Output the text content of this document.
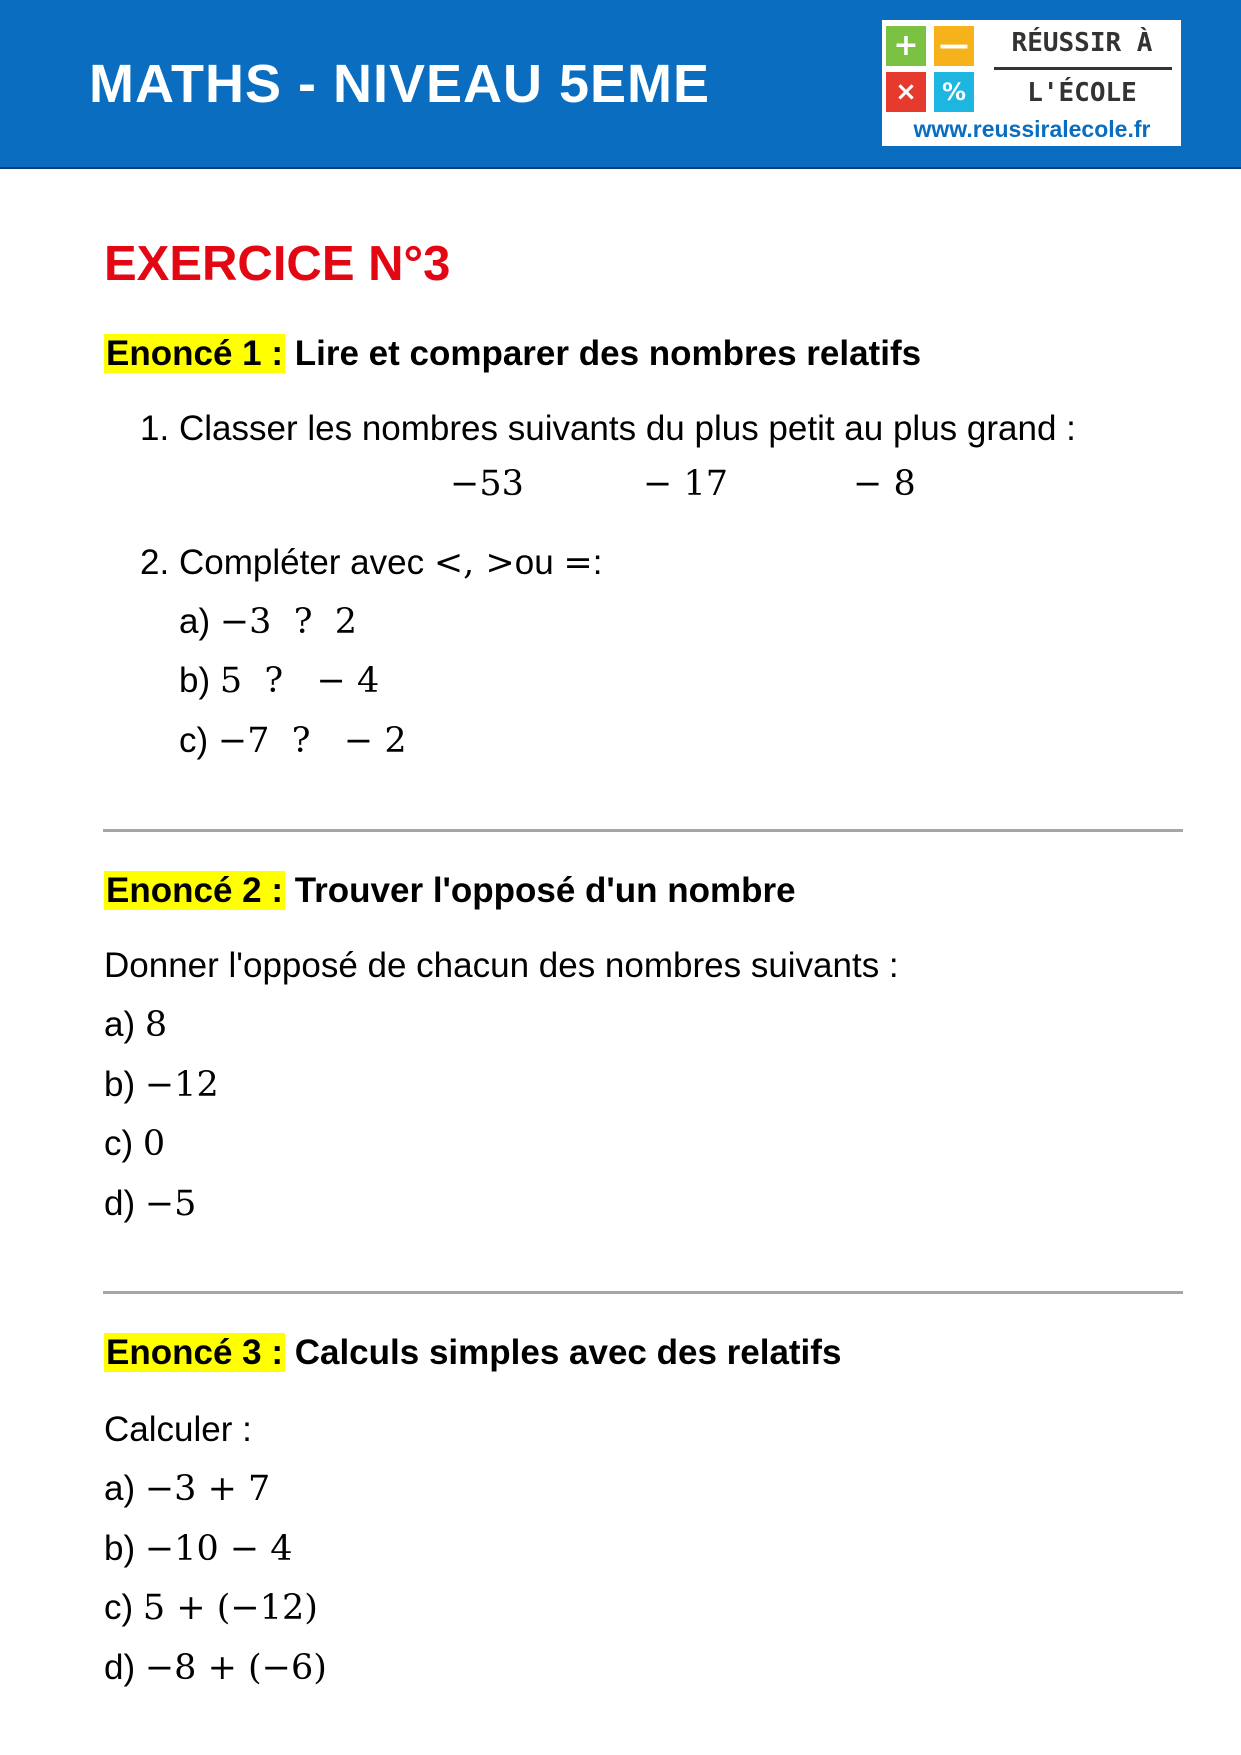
MATHS - NIVEAU 5EME
+ —
×	%
RÉUSSIR À
L'ÉCOLE
www.reussiralecole.fr
EXERCICE N°3
Enoncé 1 : Lire et comparer des nombres relatifs
1. Classer les nombres suivants du plus petit au plus grand :
−53	− 17	− 8
2. Compléter avec <, >ou =:
a) −3  ?  2
b) 5  ?   − 4
c) −7  ?   − 2
Enoncé 2 : Trouver l'opposé d'un nombre
Donner l'opposé de chacun des nombres suivants :
a) 8
b) −12
c) 0
d) −5
Enoncé 3 : Calculs simples avec des relatifs
Calculer :
a) −3 + 7
b) −10 − 4
c) 5 + (−12)
d) −8 + (−6)
